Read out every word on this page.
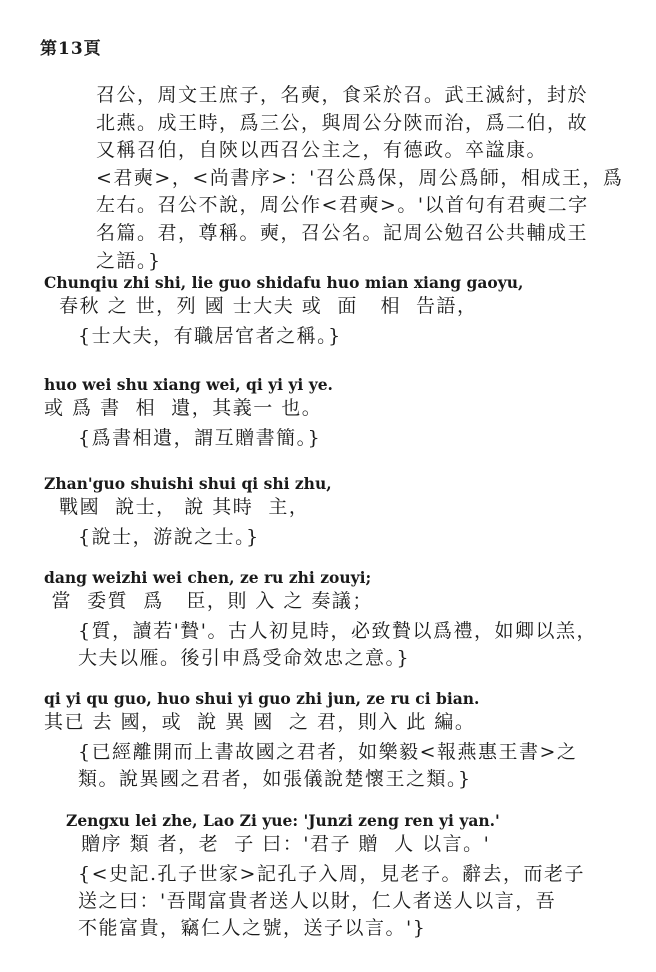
第13頁
召公，周文王庶子，名奭，食采於召。武王滅紂，封於
北燕。成王時，爲三公，與周公分陝而治，爲二伯，故
又稱召伯，自陝以西召公主之，有德政。卒諡康。
<君奭>，<尚書序>：'召公爲保，周公爲師，相成王，爲
左右。召公不說，周公作<君奭>。'以首句有君奭二字
名篇。君，尊稱。奭，召公名。記周公勉召公共輔成王
之語。}
Chunqiu zhi shi, lie guo shidafu huo mian xiang gaoyu,
春秋 之 世，列 國 士大夫 或  面   相  告語，
{士大夫，有職居官者之稱。}
huo wei shu xiang wei, qi yi yi ye.
或 爲 書  相  遺，其義一 也。
{爲書相遺，謂互贈書簡。}
Zhan'guo shuishi shui qi shi zhu,
戰國  說士， 說 其時  主，
{說士，游說之士。}
dang weizhi wei chen, ze ru zhi zouyi;
當  委質  爲   臣，則 入 之 奏議；
{質，讀若'贄'。古人初見時，必致贄以爲禮，如卿以羔，
大夫以雁。後引申爲受命效忠之意。}
qi yi qu guo, huo shui yi guo zhi jun, ze ru ci bian.
其已 去 國，或  說 異 國  之 君，則入 此 編。
{已經離開而上書故國之君者，如樂毅<報燕惠王書>之
類。說異國之君者，如張儀說楚懷王之類。}
Zengxu lei zhe, Lao Zi yue: 'Junzi zeng ren yi yan.'
贈序 類 者，老  子 曰：'君子 贈  人 以言。'
{<史記.孔子世家>記孔子入周，見老子。辭去，而老子
送之曰：'吾聞富貴者送人以財，仁人者送人以言，吾
不能富貴，竊仁人之號，送子以言。'}
